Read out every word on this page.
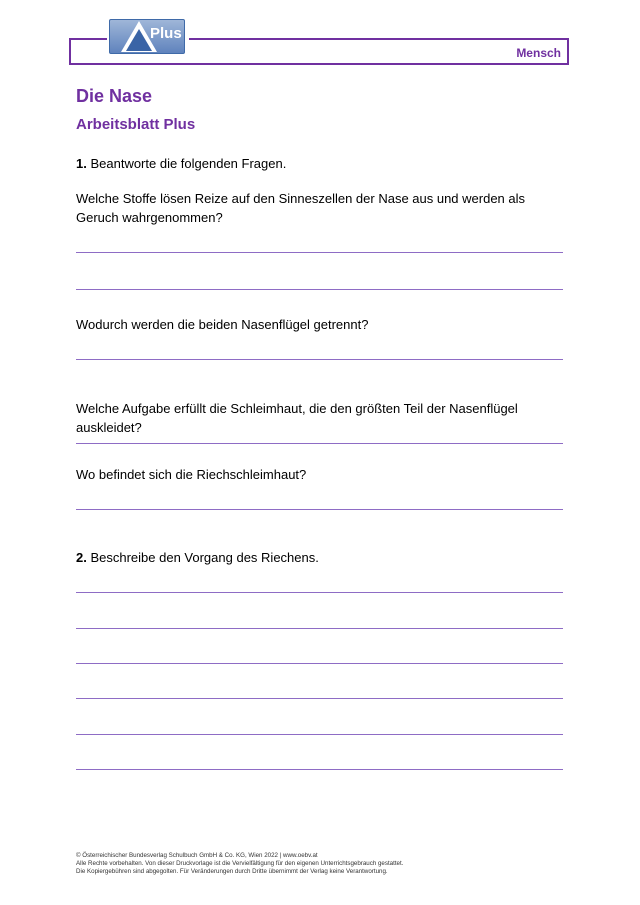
Mensch
Plus
Die Nase
Arbeitsblatt Plus
1. Beantworte die folgenden Fragen.
Welche Stoffe lösen Reize auf den Sinneszellen der Nase aus und werden als Geruch wahrgenommen?
Wodurch werden die beiden Nasenflügel getrennt?
Welche Aufgabe erfüllt die Schleimhaut, die den größten Teil der Nasenflügel auskleidet?
Wo befindet sich die Riechschleimhaut?
2. Beschreibe den Vorgang des Riechens.
© Österreichischer Bundesverlag Schulbuch GmbH & Co. KG, Wien 2022 | www.oebv.at
Alle Rechte vorbehalten. Von dieser Druckvorlage ist die Vervielfältigung für den eigenen Unterrichtsgebrauch gestattet.
Die Kopiergebühren sind abgegolten. Für Veränderungen durch Dritte übernimmt der Verlag keine Verantwortung.
